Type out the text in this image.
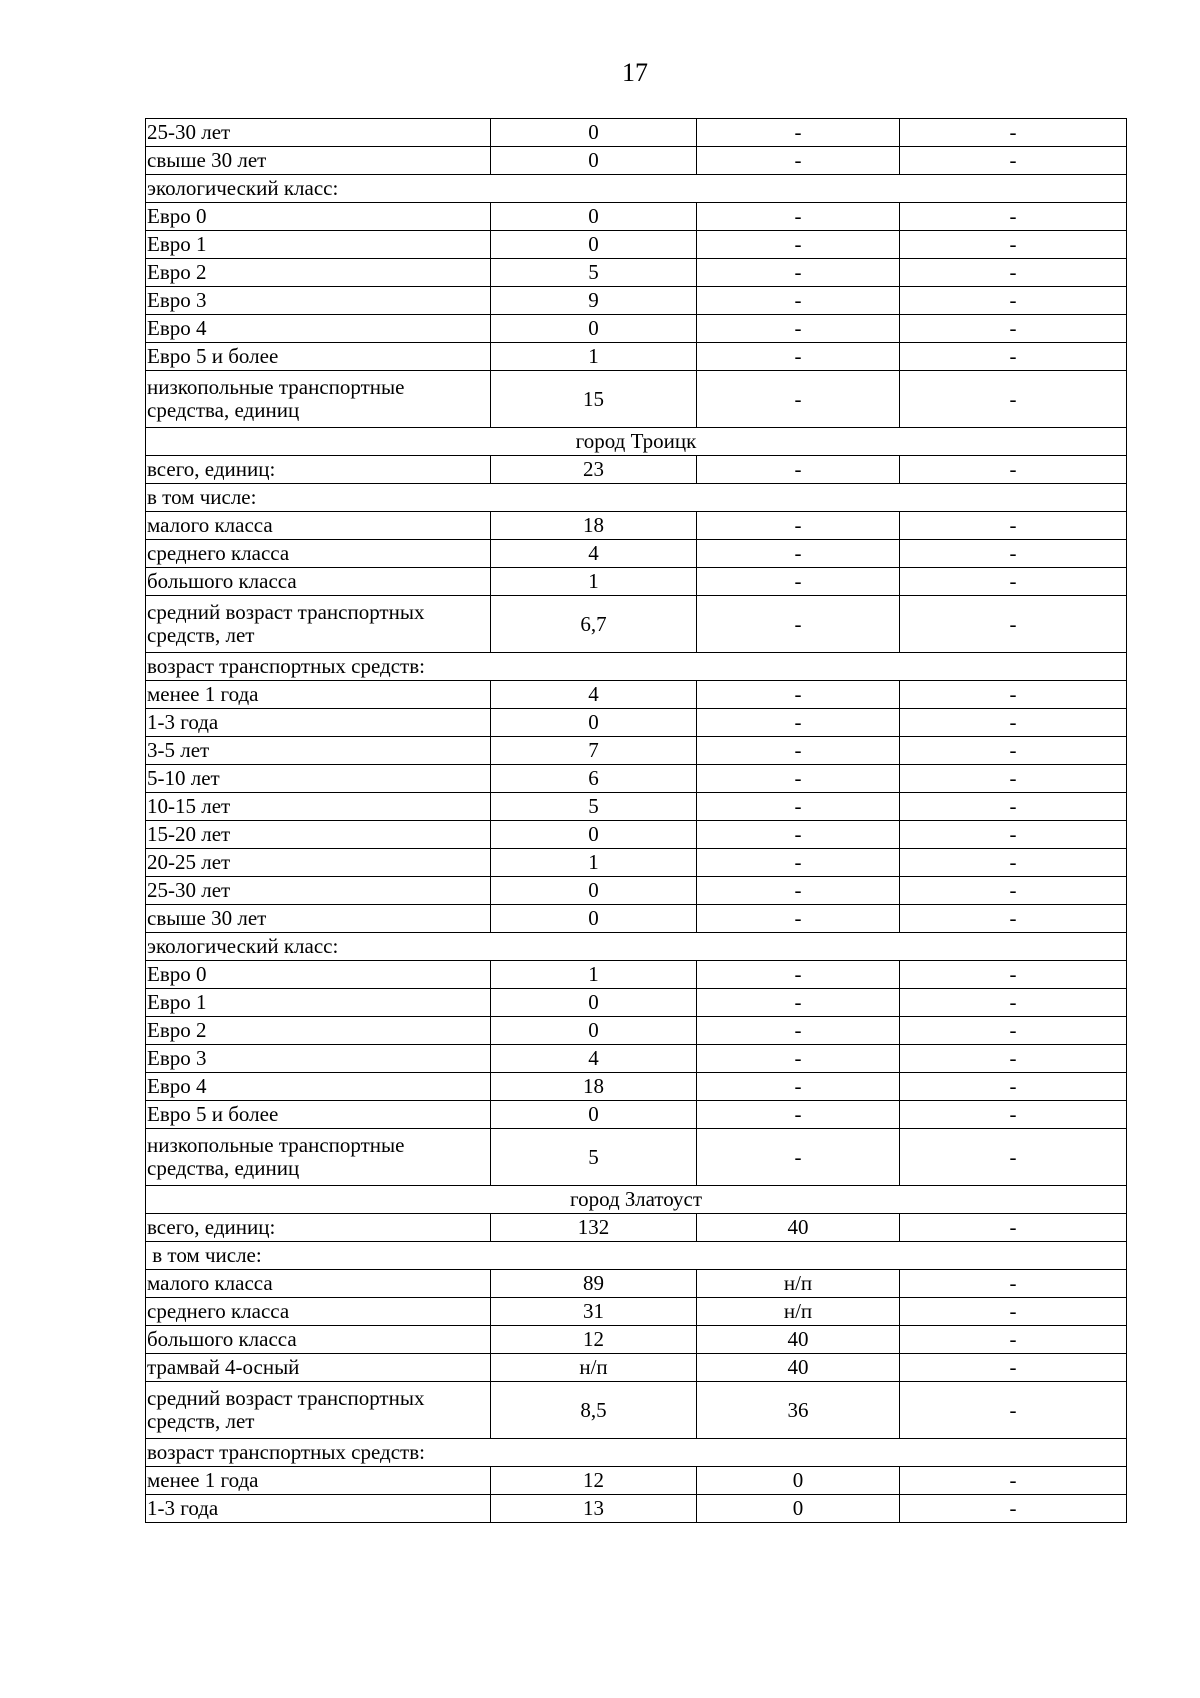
17
25-30 лет	0	-	-
свыше 30 лет	0	-	-
экологический класс:			
Евро 0	0	-	-
Евро 1	0	-	-
Евро 2	5	-	-
Евро 3	9	-	-
Евро 4	0	-	-
Евро 5 и более	1	-	-
низкопольные транспортные средства, единиц	15	-	-
город Троицк			
всего, единиц:	23	-	-
в том числе:			
малого класса	18	-	-
среднего класса	4	-	-
большого класса	1	-	-
средний возраст транспортных средств, лет	6,7	-	-
возраст транспортных средств:			
менее 1 года	4	-	-
1-3 года	0	-	-
3-5 лет	7	-	-
5-10 лет	6	-	-
10-15 лет	5	-	-
15-20 лет	0	-	-
20-25 лет	1	-	-
25-30 лет	0	-	-
свыше 30 лет	0	-	-
экологический класс:			
Евро 0	1	-	-
Евро 1	0	-	-
Евро 2	0	-	-
Евро 3	4	-	-
Евро 4	18	-	-
Евро 5 и более	0	-	-
низкопольные транспортные средства, единиц	5	-	-
город Златоуст			
всего, единиц:	132	40	-
в том числе:			
малого класса	89	н/п	-
среднего класса	31	н/п	-
большого класса	12	40	-
трамвай 4-осный	н/п	40	-
средний возраст транспортных средств, лет	8,5	36	-
возраст транспортных средств:			
менее 1 года	12	0	-
1-3 года	13	0	-
